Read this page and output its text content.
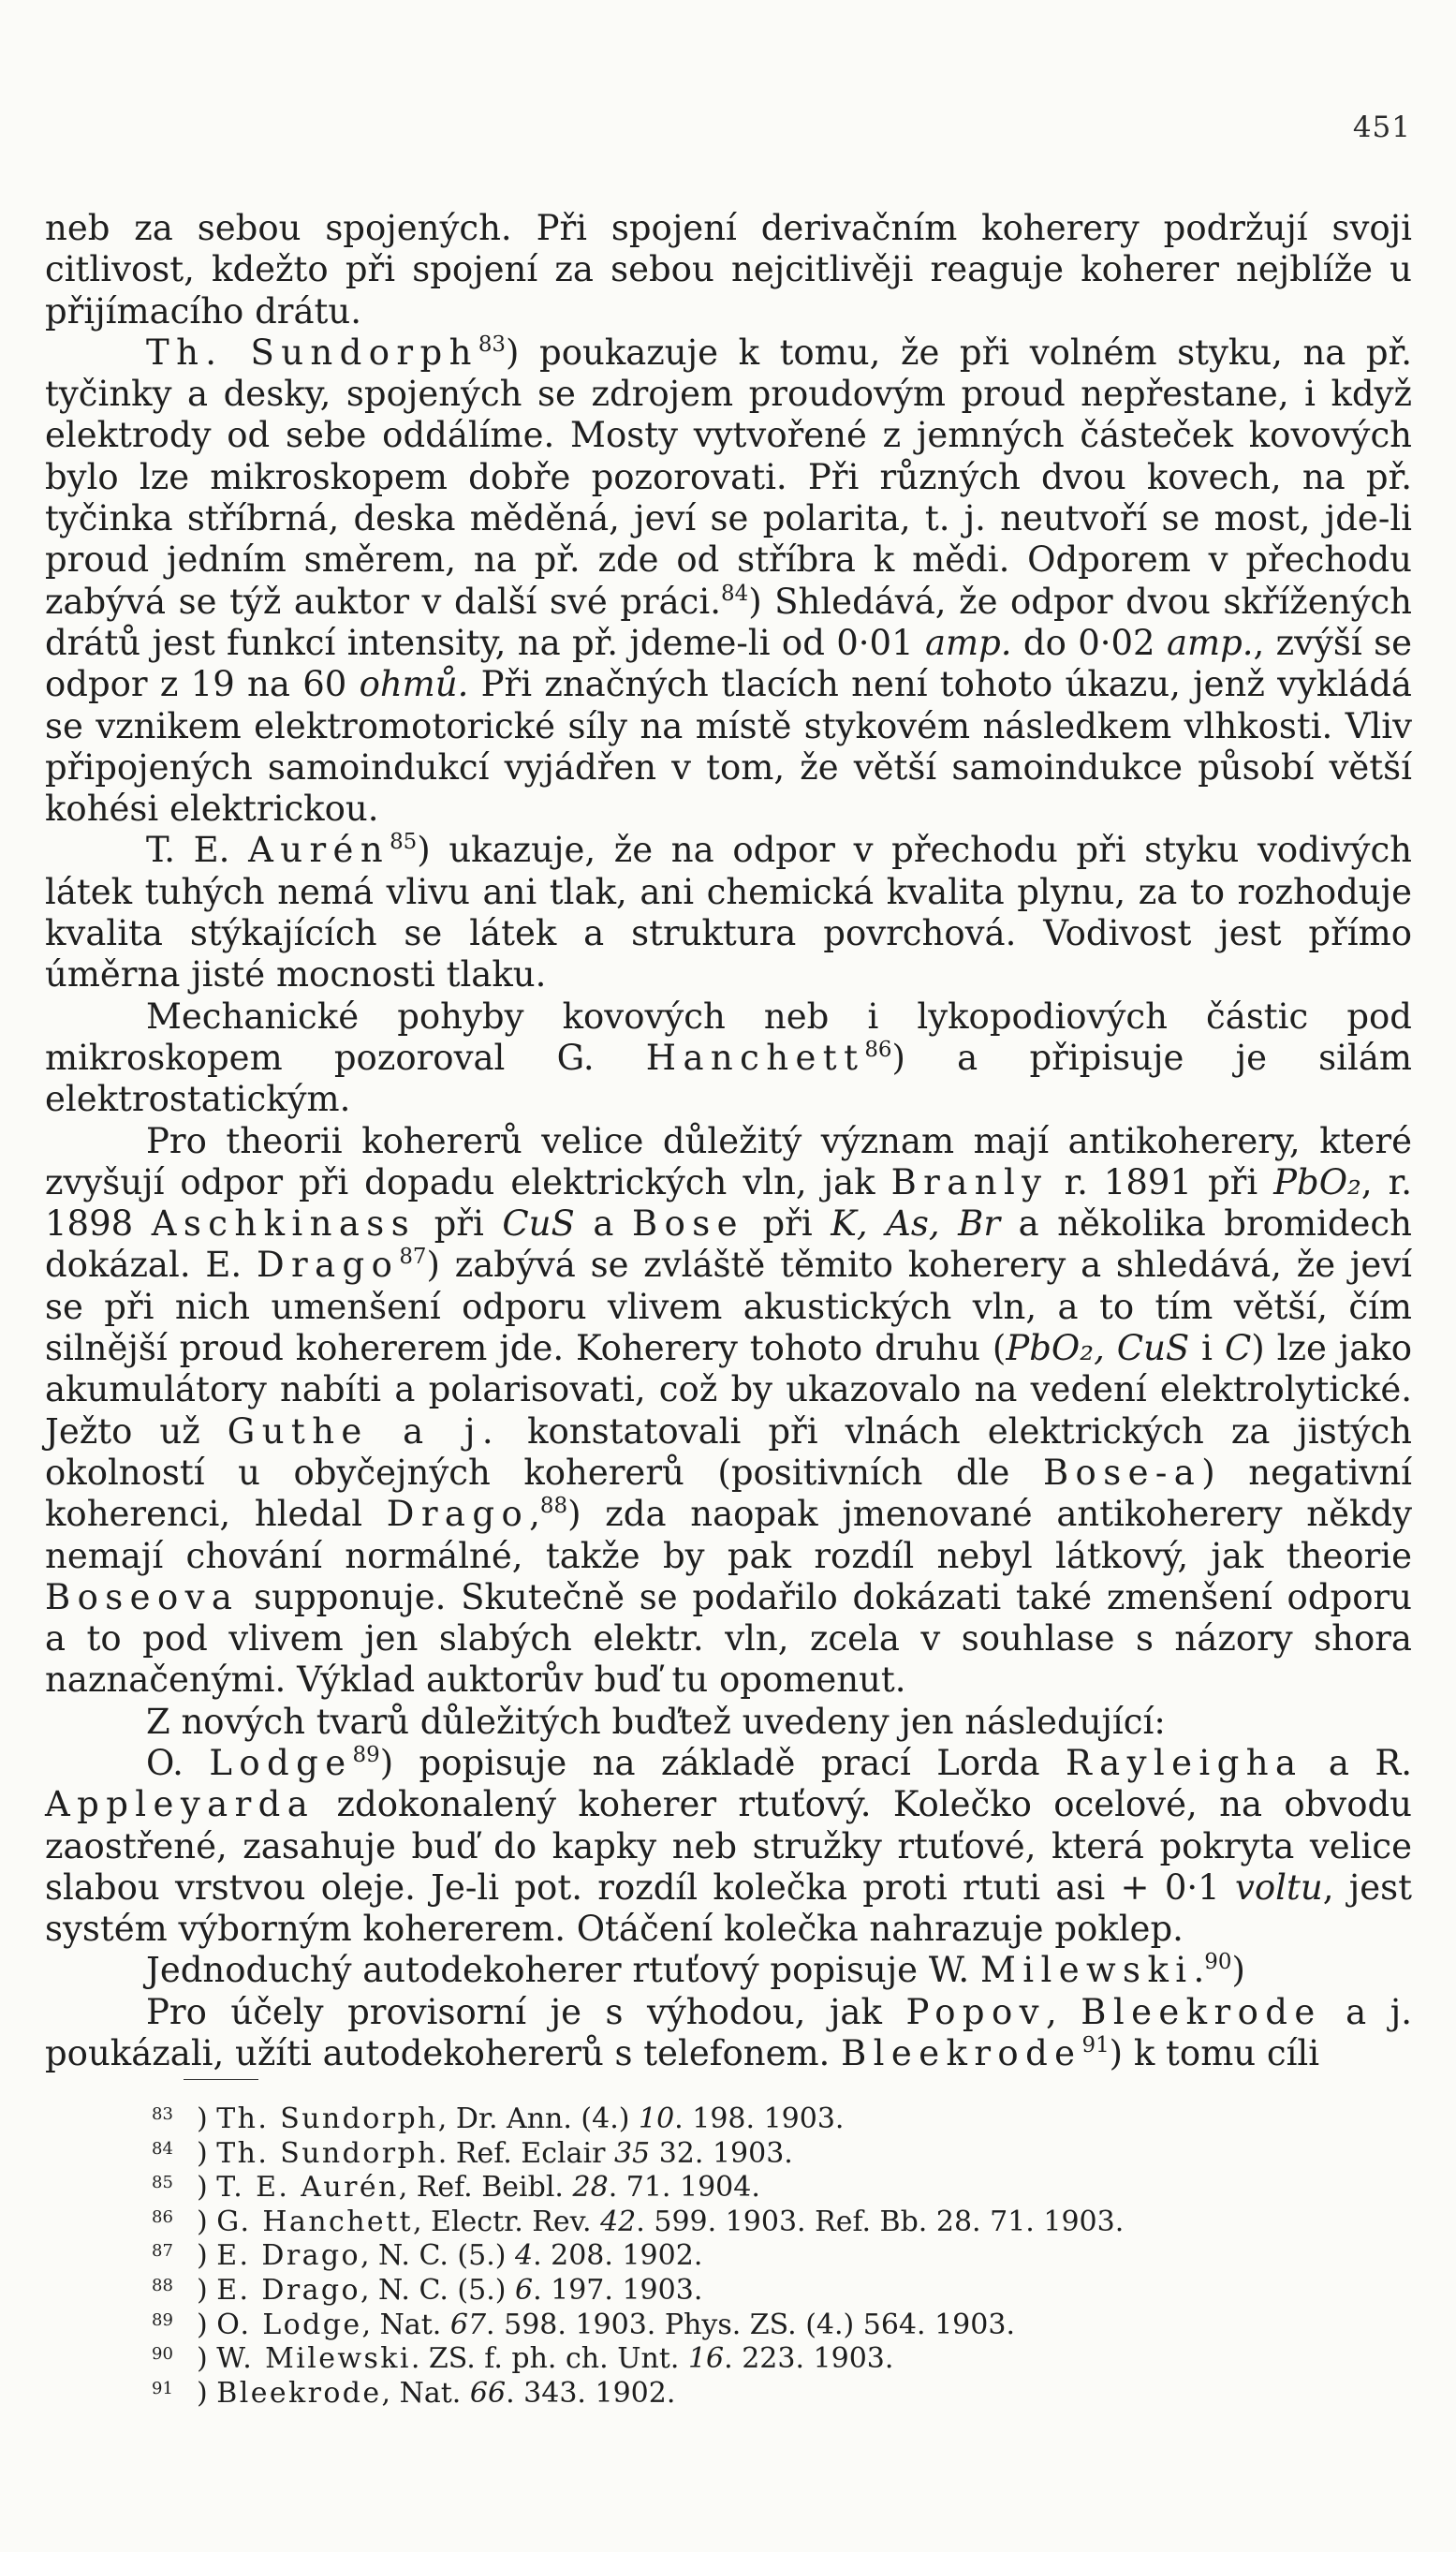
451

neb za sebou spojených. Při spojení derivačním koherery podržují svoji citlivost, kdežto při spojení za sebou nejcitlivěji reaguje koherer nejblíže u přijímacího drátu.

Th. Sundorph$^{83}$) poukazuje k tomu, že při volném styku, na př. tyčinky a desky, spojených se zdrojem proudovým proud nepřestane, i když elektrody od sebe oddálíme. Mosty vytvořené z jemných částeček kovových bylo lze mikroskopem dobře pozorovati. Při různých dvou kovech, na př. tyčinka stříbrná, deska měděná, jeví se polarita, t. j. neutvoří se most, jde-li proud jedním směrem, na př. zde od stříbra k mědi. Odporem v přechodu zabývá se týž auktor v další své práci.$^{84}$) Shledává, že odpor dvou skřížených drátů jest funkcí intensity, na př. jdeme-li od 0·01 amp. do 0·02 amp., zvýší se odpor z 19 na 60 ohmů. Při značných tlacích není tohoto úkazu, jenž vykládá se vznikem elektromotorické síly na místě stykovém následkem vlhkosti. Vliv připojených samoindukcí vyjádřen v tom, že větší samoindukce působí větší kohési elektrickou.

T. E. Aurén$^{85}$) ukazuje, že na odpor v přechodu při styku vodivých látek tuhých nemá vlivu ani tlak, ani chemická kvalita plynu, za to rozhoduje kvalita stýkajících se látek a struktura povrchová. Vodivost jest přímo úměrna jisté mocnosti tlaku.

Mechanické pohyby kovových neb i lykopodiových částic pod mikroskopem pozoroval G. Hanchett$^{86}$) a připisuje je silám elektrostatickým.

Pro theorii kohererů velice důležitý význam mají antikoherery, které zvyšují odpor při dopadu elektrických vln, jak Branly r. 1891 při PbO₂, r. 1898 Aschkinass při CuS a Bose při K, As, Br a několika bromidech dokázal. E. Drago$^{87}$) zabývá se zvláště těmito koherery a shledává, že jeví se při nich umenšení odporu vlivem akustických vln, a to tím větší, čím silnější proud kohererem jde. Koherery tohoto druhu (PbO₂, CuS i C) lze jako akumulátory nabíti a polarisovati, což by ukazovalo na vedení elektrolytické. Ježto už Guthe a j. konstatovali při vlnách elektrických za jistých okolností u obyčejných kohererů (positivních dle Bose-a) negativní koherenci, hledal Drago,$^{88}$) zda naopak jmenované antikoherery někdy nemají chování normálné, takže by pak rozdíl nebyl látkový, jak theorie Boseova supponuje. Skutečně se podařilo dokázati také zmenšení odporu a to pod vlivem jen slabých elektr. vln, zcela v souhlase s názory shora naznačenými. Výklad auktorův buď tu opomenut.

Z nových tvarů důležitých buďtež uvedeny jen následující:

O. Lodge$^{89}$) popisuje na základě prací Lorda Rayleigha a R. Appleyarda zdokonalený koherer rtuťový. Kolečko ocelové, na obvodu zaostřené, zasahuje buď do kapky neb stružky rtuťové, která pokryta velice slabou vrstvou oleje. Je-li pot. rozdíl kolečka proti rtuti asi + 0·1 voltu, jest systém výborným kohererem. Otáčení kolečka nahrazuje poklep.

Jednoduchý autodekoherer rtuťový popisuje W. Milewski.$^{90}$)

Pro účely provisorní je s výhodou, jak Popov, Bleekrode a j. poukázali, užíti autodekohererů s telefonem. Bleekrode$^{91}$) k tomu cíli

83 ) Th. Sundorph, Dr. Ann. (4.) 10. 198. 1903.
84 ) Th. Sundorph. Ref. Eclair 35 32. 1903.
85 ) T. E. Aurén, Ref. Beibl. 28. 71. 1904.
86 ) G. Hanchett, Electr. Rev. 42. 599. 1903. Ref. Bb. 28. 71. 1903.
87 ) E. Drago, N. C. (5.) 4. 208. 1902.
88 ) E. Drago, N. C. (5.) 6. 197. 1903.
89 ) O. Lodge, Nat. 67. 598. 1903. Phys. ZS. (4.) 564. 1903.
90 ) W. Milewski. ZS. f. ph. ch. Unt. 16. 223. 1903.
91 ) Bleekrode, Nat. 66. 343. 1902.
